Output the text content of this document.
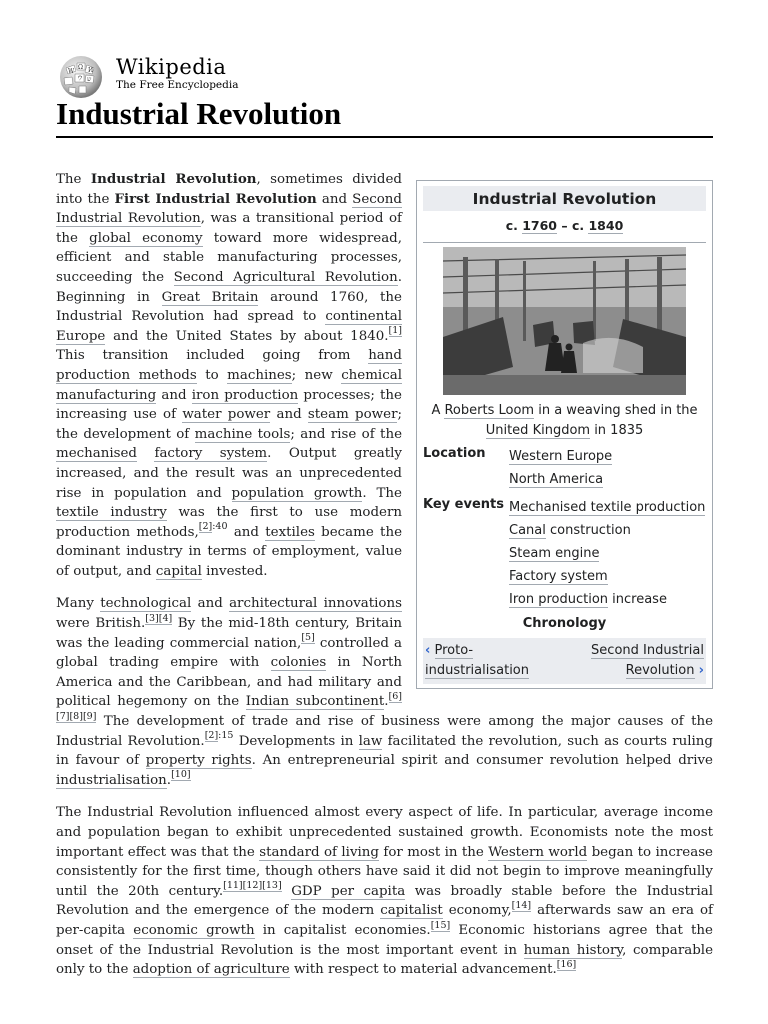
W
Ω И
ウ ש
Wikipedia
The Free Encyclopedia
Industrial Revolution
Industrial Revolution
c. 1760 – c. 1840
A Roberts Loom in a weaving shed in the United Kingdom in 1835
Location	Western Europe
North America
Key events Mechanised textile production
Canal construction
Steam engine
Factory system
Iron production increase
Chronology
‹ Proto-
industrialisation
Second Industrial
Revolution ›

The Industrial Revolution, sometimes divided into the First Industrial Revolution and Second Industrial Revolution, was a transitional period of the global economy toward more widespread, efficient and stable manufacturing processes, succeeding the Second Agricultural Revolution. Beginning in Great Britain around 1760, the Industrial Revolution had spread to continental Europe and the United States by about 1840.[1] This transition included going from hand production methods to machines; new chemical manufacturing and iron production processes; the increasing use of water power and steam power; the development of machine tools; and rise of the mechanised factory system. Output greatly increased, and the result was an unprecedented rise in population and population growth. The textile industry was the first to use modern production methods,$^{[2]:40}$ and textiles became the dominant industry in terms of employment, value of output, and capital invested.

Many technological and architectural innovations were British.[3][4] By the mid-18th century, Britain was the leading commercial nation,[5] controlled a global trading empire with colonies in North America and the Caribbean, and had military and political hegemony on the Indian subcontinent.[6][7][8][9] The development of trade and rise of business were among the major causes of the Industrial Revolution.$^{[2]:15}$ Developments in law facilitated the revolution, such as courts ruling in favour of property rights. An entrepreneurial spirit and consumer revolution helped drive industrialisation.[10]

The Industrial Revolution influenced almost every aspect of life. In particular, average income and population began to exhibit unprecedented sustained growth. Economists note the most important effect was that the standard of living for most in the Western world began to increase consistently for the first time, though others have said it did not begin to improve meaningfully until the 20th century.[11][12][13] GDP per capita was broadly stable before the Industrial Revolution and the emergence of the modern capitalist economy,[14] afterwards saw an era of per-capita economic growth in capitalist economies.[15] Economic historians agree that the onset of the Industrial Revolution is the most important event in human history, comparable only to the adoption of agriculture with respect to material advancement.[16]
